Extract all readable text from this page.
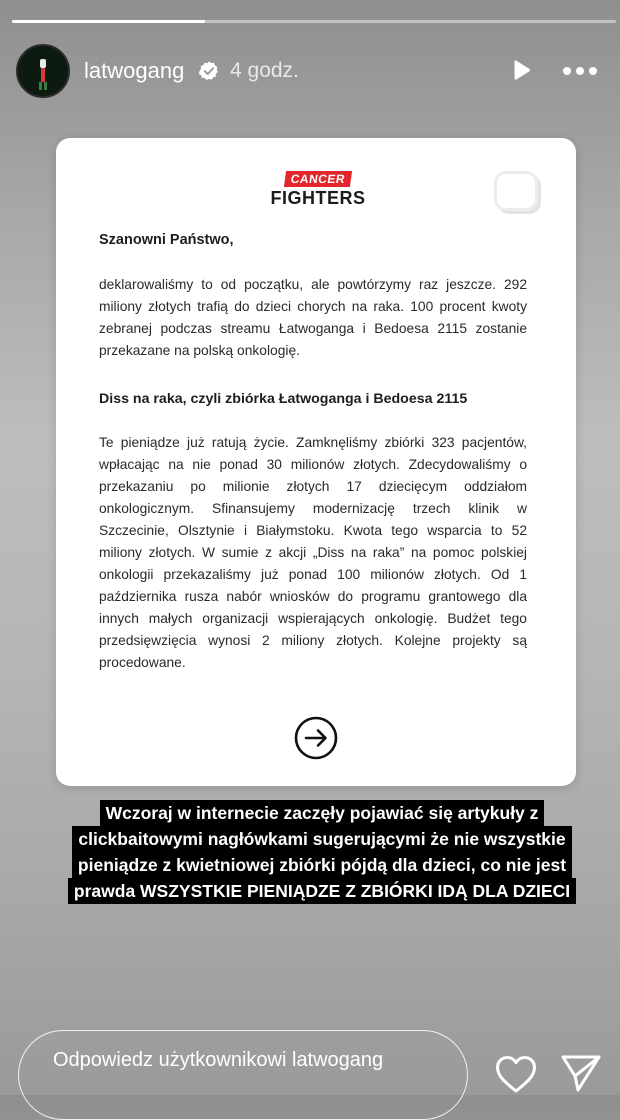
latwogang 4 godz.
CANCER
FIGHTERS
Szanowni Państwo,
deklarowaliśmy to od początku, ale powtórzymy raz jeszcze. 292 miliony złotych trafią do dzieci chorych na raka. 100 procent kwoty zebranej podczas streamu Łatwoganga i Bedoesa 2115 zostanie przekazane na polską onkologię.
Diss na raka, czyli zbiórka Łatwoganga i Bedoesa 2115
Te pieniądze już ratują życie. Zamknęliśmy zbiórki 323 pacjentów, wpłacając na nie ponad 30 milionów złotych. Zdecydowaliśmy o przekazaniu po milionie złotych 17 dziecięcym oddziałom onkologicznym. Sfinansujemy modernizację trzech klinik w Szczecinie, Olsztynie i Białymstoku. Kwota tego wsparcia to 52 miliony złotych. W sumie z akcji „Diss na raka” na pomoc polskiej onkologii przekazaliśmy już ponad 100 milionów złotych. Od 1 października rusza nabór wniosków do programu grantowego dla innych małych organizacji wspierających onkologię. Budżet tego przedsięwzięcia wynosi 2 miliony złotych. Kolejne projekty są procedowane.
Wczoraj w internecie zaczęły pojawiać się artykuły z
clickbaitowymi nagłówkami sugerującymi że nie wszystkie
pieniądze z kwietniowej zbiórki pójdą dla dzieci, co nie jest
prawda WSZYSTKIE PIENIĄDZE Z ZBIÓRKI IDĄ DLA DZIECI
Odpowiedz użytkownikowi latwogang
